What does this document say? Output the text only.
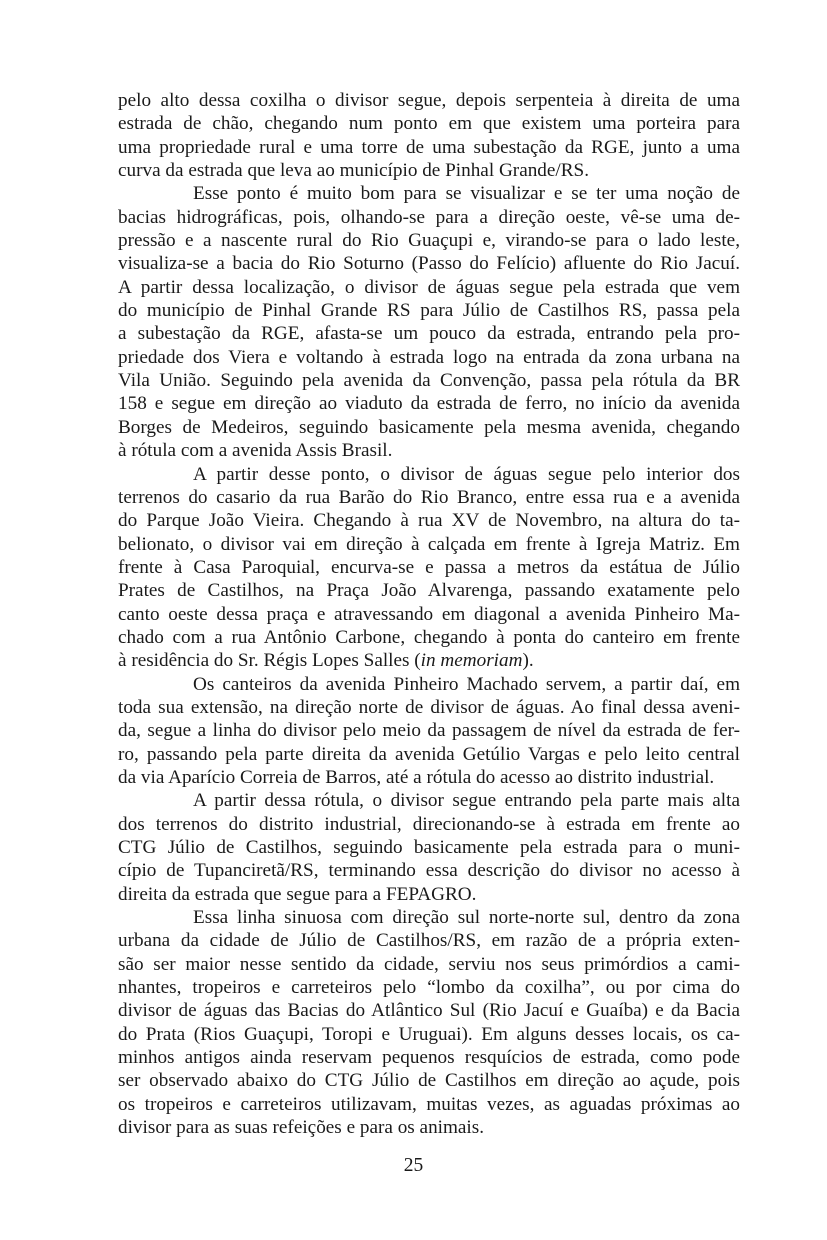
pelo alto dessa coxilha o divisor segue, depois serpenteia à direita de uma
estrada de chão, chegando num ponto em que existem uma porteira para
uma propriedade rural e uma torre de uma subestação da RGE, junto a uma
curva da estrada que leva ao município de Pinhal Grande/RS.
Esse ponto é muito bom para se visualizar e se ter uma noção de
bacias hidrográficas, pois, olhando-se para a direção oeste, vê-se uma de-
pressão e a nascente rural do Rio Guaçupi e, virando-se para o lado leste,
visualiza-se a bacia do Rio Soturno (Passo do Felício) afluente do Rio Jacuí.
A partir dessa localização, o divisor de águas segue pela estrada que vem
do município de Pinhal Grande RS para Júlio de Castilhos RS, passa pela
a subestação da RGE, afasta-se um pouco da estrada, entrando pela pro-
priedade dos Viera e voltando à estrada logo na entrada da zona urbana na
Vila União. Seguindo pela avenida da Convenção, passa pela rótula da BR
158 e segue em direção ao viaduto da estrada de ferro, no início da avenida
Borges de Medeiros, seguindo basicamente pela mesma avenida, chegando
à rótula com a avenida Assis Brasil.
A partir desse ponto, o divisor de águas segue pelo interior dos
terrenos do casario da rua Barão do Rio Branco, entre essa rua e a avenida
do Parque João Vieira. Chegando à rua XV de Novembro, na altura do ta-
belionato, o divisor vai em direção à calçada em frente à Igreja Matriz. Em
frente à Casa Paroquial, encurva-se e passa a metros da estátua de Júlio
Prates de Castilhos, na Praça João Alvarenga, passando exatamente pelo
canto oeste dessa praça e atravessando em diagonal a avenida Pinheiro Ma-
chado com a rua Antônio Carbone, chegando à ponta do canteiro em frente
à residência do Sr. Régis Lopes Salles (in memoriam).
Os canteiros da avenida Pinheiro Machado servem, a partir daí, em
toda sua extensão, na direção norte de divisor de águas. Ao final dessa aveni-
da, segue a linha do divisor pelo meio da passagem de nível da estrada de fer-
ro, passando pela parte direita da avenida Getúlio Vargas e pelo leito central
da via Aparício Correia de Barros, até a rótula do acesso ao distrito industrial.
A partir dessa rótula, o divisor segue entrando pela parte mais alta
dos terrenos do distrito industrial, direcionando-se à estrada em frente ao
CTG Júlio de Castilhos, seguindo basicamente pela estrada para o muni-
cípio de Tupanciretã/RS, terminando essa descrição do divisor no acesso à
direita da estrada que segue para a FEPAGRO.
Essa linha sinuosa com direção sul norte-norte sul, dentro da zona
urbana da cidade de Júlio de Castilhos/RS, em razão de a própria exten-
são ser maior nesse sentido da cidade, serviu nos seus primórdios a cami-
nhantes, tropeiros e carreteiros pelo “lombo da coxilha”, ou por cima do
divisor de águas das Bacias do Atlântico Sul (Rio Jacuí e Guaíba) e da Bacia
do Prata (Rios Guaçupi, Toropi e Uruguai). Em alguns desses locais, os ca-
minhos antigos ainda reservam pequenos resquícios de estrada, como pode
ser observado abaixo do CTG Júlio de Castilhos em direção ao açude, pois
os tropeiros e carreteiros utilizavam, muitas vezes, as aguadas próximas ao
divisor para as suas refeições e para os animais.
25
